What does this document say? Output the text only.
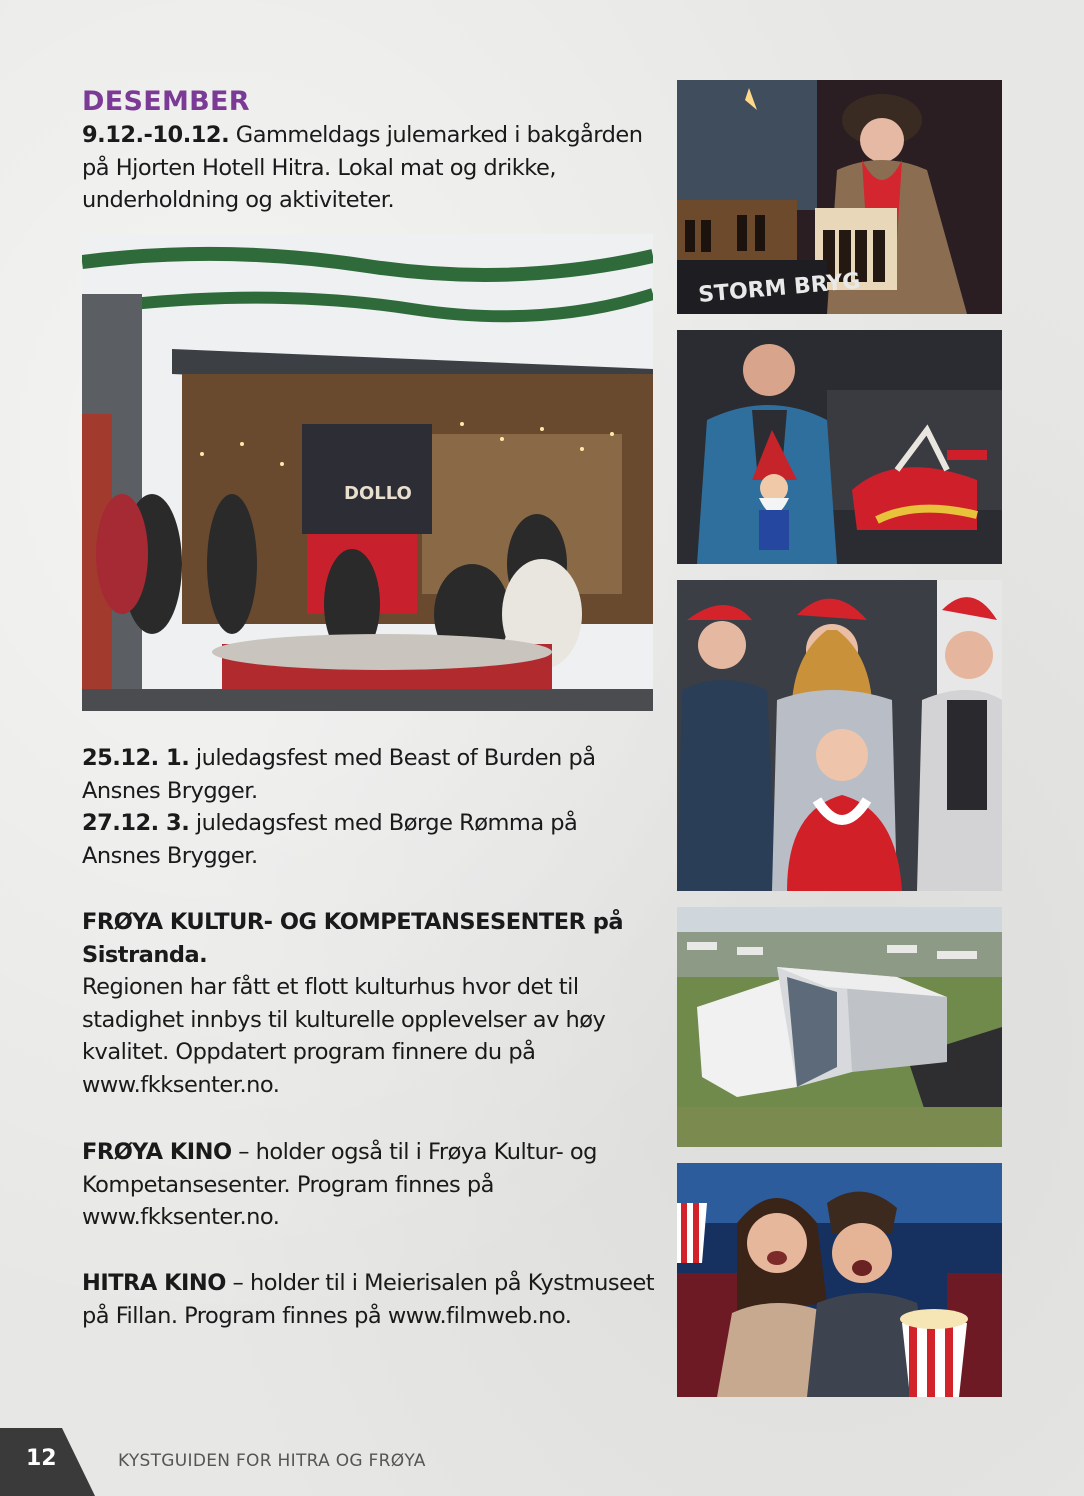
DESEMBER

9.12.-10.12. Gammeldags julemarked i bakgården på Hjorten Hotell Hitra. Lokal mat og drikke, underholdning og aktiviteter.

DOLLO

25.12. 1. juledagsfest med Beast of Burden på Ansnes Brygger.

27.12. 3. juledagsfest med Børge Rømma på Ansnes Brygger.

FRØYA KULTUR- OG KOMPETANSESENTER på Sistranda.

Regionen har fått et flott kulturhus hvor det til stadighet innbys til kulturelle opplevelser av høy kvalitet. Oppdatert program finnere du på www.fkksenter.no.

FRØYA KINO – holder også til i Frøya Kultur- og Kompetansesenter. Program finnes på www.fkksenter.no.

HITRA KINO – holder til i Meierisalen på Kystmuseet på Fillan. Program finnes på www.filmweb.no.

STORM BRYG
12	KYSTGUIDEN FOR HITRA OG FRØYA
